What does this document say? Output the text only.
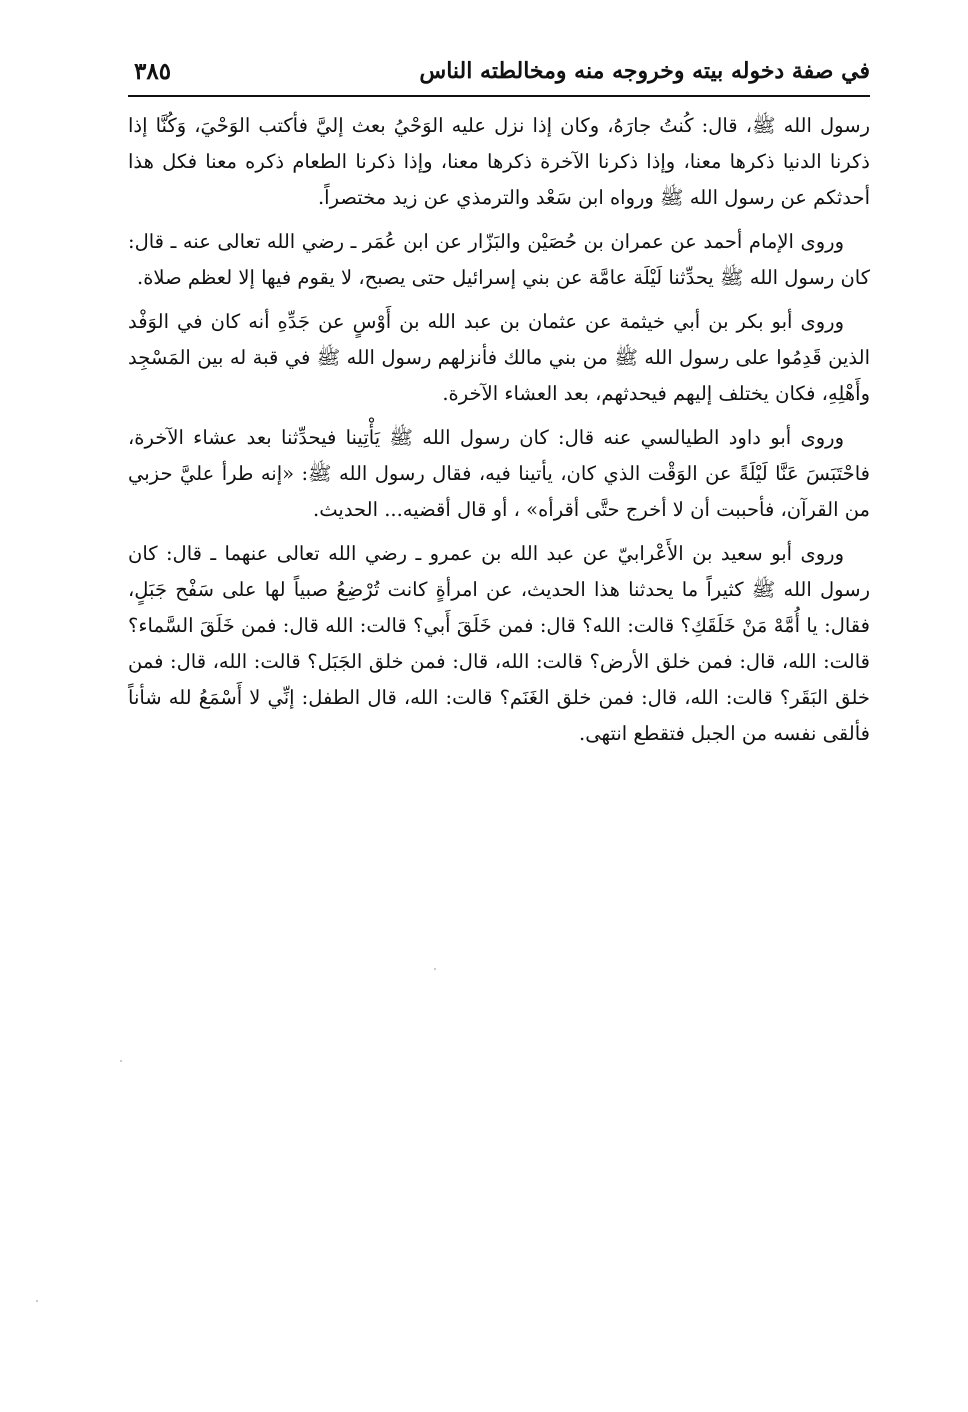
في صفة دخوله بيته وخروجه منه ومخالطته الناس
٣٨٥

رسول الله ﷺ، قال: كُنتُ جارَهُ، وكان إذا نزل عليه الوَحْيُ بعث إليَّ فأكتب الوَحْيَ، وَكُنَّا إذا ذكرنا الدنيا ذكرها معنا، وإذا ذكرنا الآخرة ذكرها معنا، وإذا ذكرنا الطعام ذكره معنا فكل هذا أحدثكم عن رسول الله ﷺ ورواه ابن سَعْد والترمذي عن زيد مختصراً.

وروى الإمام أحمد عن عمران بن حُصَيْن والبَزّار عن ابن عُمَر ـ رضي الله تعالى عنه ـ قال: كان رسول الله ﷺ يحدِّثنا لَيْلَة عامَّة عن بني إسرائيل حتى يصبح، لا يقوم فيها إلا لعظم صلاة.

وروى أبو بكر بن أبي خيثمة عن عثمان بن عبد الله بن أَوْسٍ عن جَدِّهِ أنه كان في الوَفْد الذين قَدِمُوا على رسول الله ﷺ من بني مالك فأنزلهم رسول الله ﷺ في قبة له بين المَسْجِد وأَهْلِهِ، فكان يختلف إليهم فيحدثهم، بعد العشاء الآخرة.

وروى أبو داود الطيالسي عنه قال: كان رسول الله ﷺ يَأْتِينا فيحدِّثنا بعد عشاء الآخرة، فاحْتَبَسَ عَنَّا لَيْلَةً عن الوَقْت الذي كان، يأتينا فيه، فقال رسول الله ﷺ: «إنه طرأ عليَّ حزبي من القرآن، فأحببت أن لا أخرج حتَّى أقرأه» ، أو قال أقضيه... الحديث.

وروى أبو سعيد بن الأَعْرابيّ عن عبد الله بن عمرو ـ رضي الله تعالى عنهما ـ قال: كان رسول الله ﷺ كثيراً ما يحدثنا هذا الحديث، عن امرأةٍ كانت تُرْضِعُ صبياً لها على سَفْح جَبَلٍ، فقال: يا أُمَّهْ مَنْ خَلَقَكِ؟ قالت: الله؟ قال: فمن خَلَقَ أَبي؟ قالت: الله قال: فمن خَلَقَ السَّماء؟ قالت: الله، قال: فمن خلق الأرض؟ قالت: الله، قال: فمن خلق الجَبَل؟ قالت: الله، قال: فمن خلق البَقَر؟ قالت: الله، قال: فمن خلق الغَنَم؟ قالت: الله، قال الطفل: إنِّي لا أَسْمَعُ لله شأناً فألقى نفسه من الجبل فتقطع انتهى.
